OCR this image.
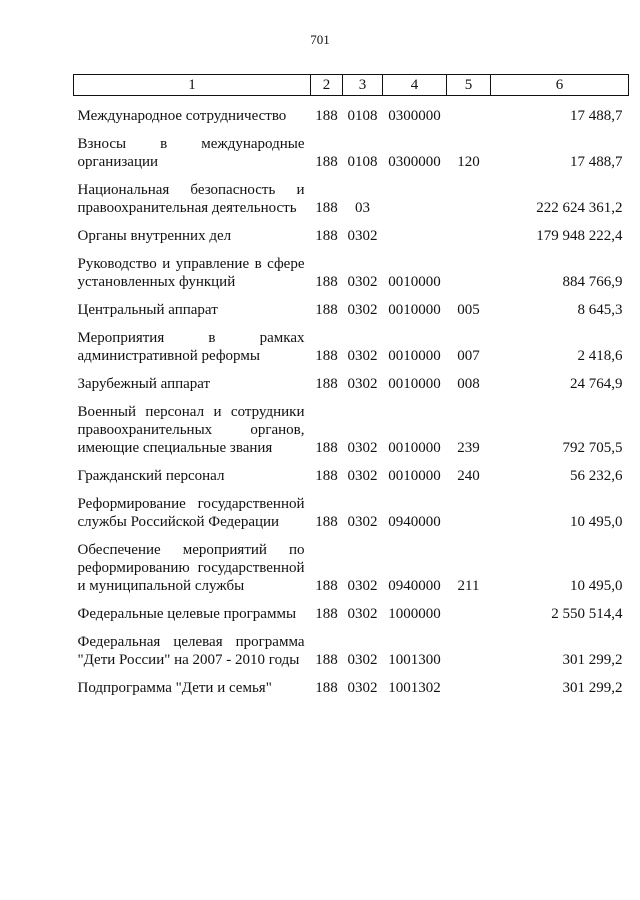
701
1	2	3	4	5	6
Международное сотрудничество	188	0108	0300000		17 488,7
Взносы в международные организации	188	0108	0300000	120	17 488,7
Национальная безопасность и правоохранительная деятельность	188	03			222 624 361,2
Органы внутренних дел	188	0302			179 948 222,4
Руководство и управление в сфере установленных функций	188	0302	0010000		884 766,9
Центральный аппарат	188	0302	0010000	005	8 645,3
Мероприятия в рамках административной реформы	188	0302	0010000	007	2 418,6
Зарубежный аппарат	188	0302	0010000	008	24 764,9
Военный персонал и сотрудники правоохранительных органов, имеющие специальные звания	188	0302	0010000	239	792 705,5
Гражданский персонал	188	0302	0010000	240	56 232,6
Реформирование государственной службы Российской Федерации	188	0302	0940000		10 495,0
Обеспечение мероприятий по реформированию государственной и муниципальной службы	188	0302	0940000	211	10 495,0
Федеральные целевые программы	188	0302	1000000		2 550 514,4
Федеральная целевая программа "Дети России" на 2007 - 2010 годы	188	0302	1001300		301 299,2
Подпрограмма "Дети и семья"	188	0302	1001302		301 299,2
